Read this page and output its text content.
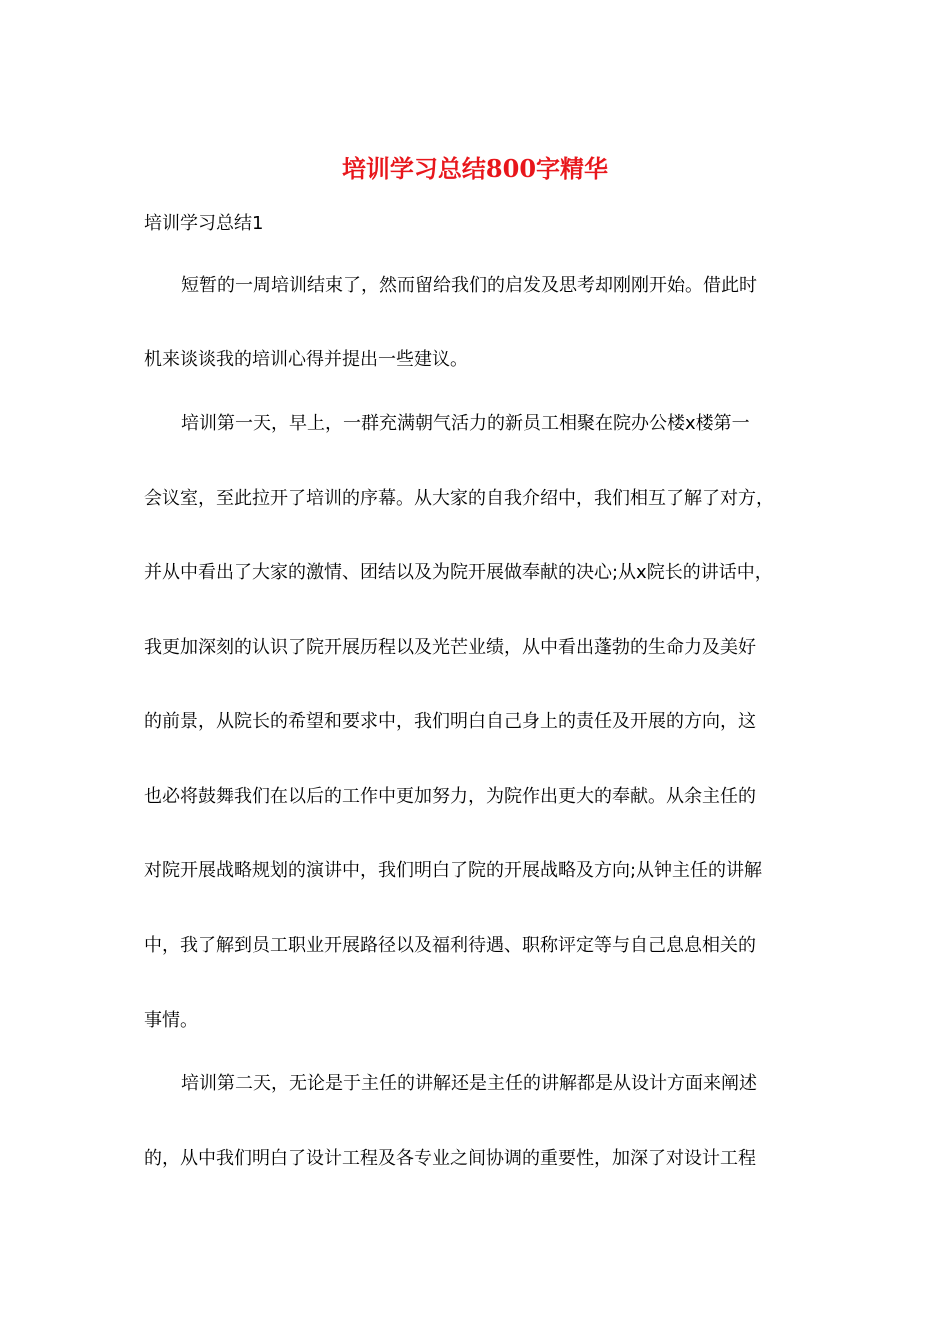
培训学习总结800字精华

培训学习总结1

短暂的一周培训结束了，然而留给我们的启发及思考却刚刚开始。借此时

机来谈谈我的培训心得并提出一些建议。

培训第一天，早上，一群充满朝气活力的新员工相聚在院办公楼x楼第一

会议室，至此拉开了培训的序幕。从大家的自我介绍中，我们相互了解了对方，

并从中看出了大家的激情、团结以及为院开展做奉献的决心;从x院长的讲话中，

我更加深刻的认识了院开展历程以及光芒业绩，从中看出蓬勃的生命力及美好

的前景，从院长的希望和要求中，我们明白自己身上的责任及开展的方向，这

也必将鼓舞我们在以后的工作中更加努力，为院作出更大的奉献。从余主任的

对院开展战略规划的演讲中，我们明白了院的开展战略及方向;从钟主任的讲解

中，我了解到员工职业开展路径以及福利待遇、职称评定等与自己息息相关的

事情。

培训第二天，无论是于主任的讲解还是主任的讲解都是从设计方面来阐述

的，从中我们明白了设计工程及各专业之间协调的重要性，加深了对设计工程
